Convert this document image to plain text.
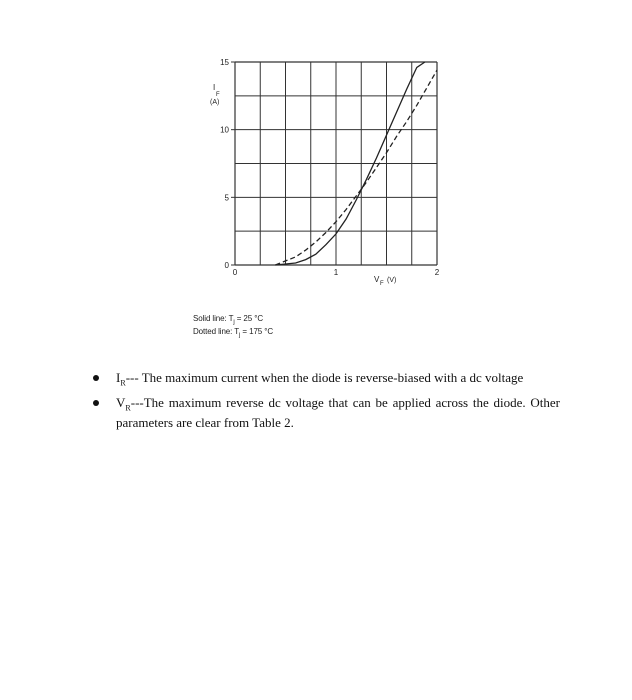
0
5
10
15
0	1	2
I
F
(A)
V F (V)
Solid line: $T_j = 25$ °C
Dotted line: $T_j = 175$ °C
$I_R---$ The maximum current when the diode is reverse-biased with a dc voltage
$V_R--$-The maximum reverse dc voltage that can be applied across the diode. Other parameters are clear from Table 2.
